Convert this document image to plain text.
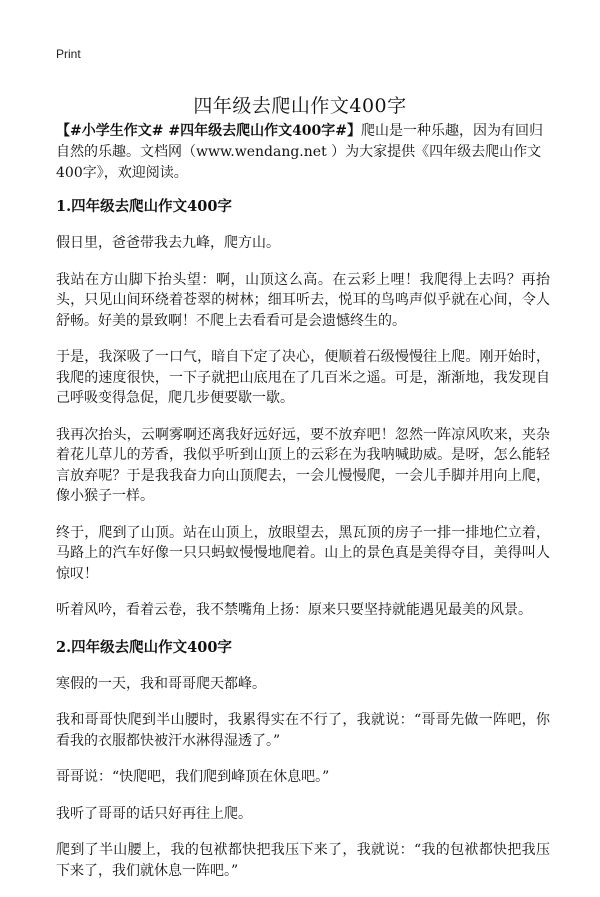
Print
四年级去爬山作文400字

【#小学生作文# #四年级去爬山作文400字#】爬山是一种乐趣，因为有回归自然的乐趣。文档网（www.wendang.net ）为大家提供《四年级去爬山作文400字》，欢迎阅读。

1.四年级去爬山作文400字

假日里，爸爸带我去九峰，爬方山。

我站在方山脚下抬头望：啊，山顶这么高。在云彩上哩！我爬得上去吗？再抬头，只见山间环绕着苍翠的树林；细耳听去，悦耳的鸟鸣声似乎就在心间，令人舒畅。好美的景致啊！不爬上去看看可是会遗憾终生的。

于是，我深吸了一口气，暗自下定了决心，便顺着石级慢慢往上爬。刚开始时，我爬的速度很快，一下子就把山底甩在了几百米之遥。可是，渐渐地，我发现自己呼吸变得急促，爬几步便要歇一歇。

我再次抬头，云啊雾啊还离我好远好远，要不放弃吧！忽然一阵凉风吹来，夹杂着花儿草儿的芳香，我似乎听到山顶上的云彩在为我呐喊助威。是呀，怎么能轻言放弃呢？于是我我奋力向山顶爬去，一会儿慢慢爬，一会儿手脚并用向上爬，像小猴子一样。

终于，爬到了山顶。站在山顶上，放眼望去，黑瓦顶的房子一排一排地伫立着，马路上的汽车好像一只只蚂蚁慢慢地爬着。山上的景色真是美得夺目，美得叫人惊叹！

听着风吟，看着云卷，我不禁嘴角上扬：原来只要坚持就能遇见最美的风景。

2.四年级去爬山作文400字

寒假的一天，我和哥哥爬天都峰。

我和哥哥快爬到半山腰时，我累得实在不行了，我就说：“哥哥先做一阵吧，你看我的衣服都快被汗水淋得湿透了。”

哥哥说：“快爬吧，我们爬到峰顶在休息吧。”

我听了哥哥的话只好再往上爬。

爬到了半山腰上，我的包袱都快把我压下来了，我就说：“我的包袱都快把我压下来了，我们就休息一阵吧。”
